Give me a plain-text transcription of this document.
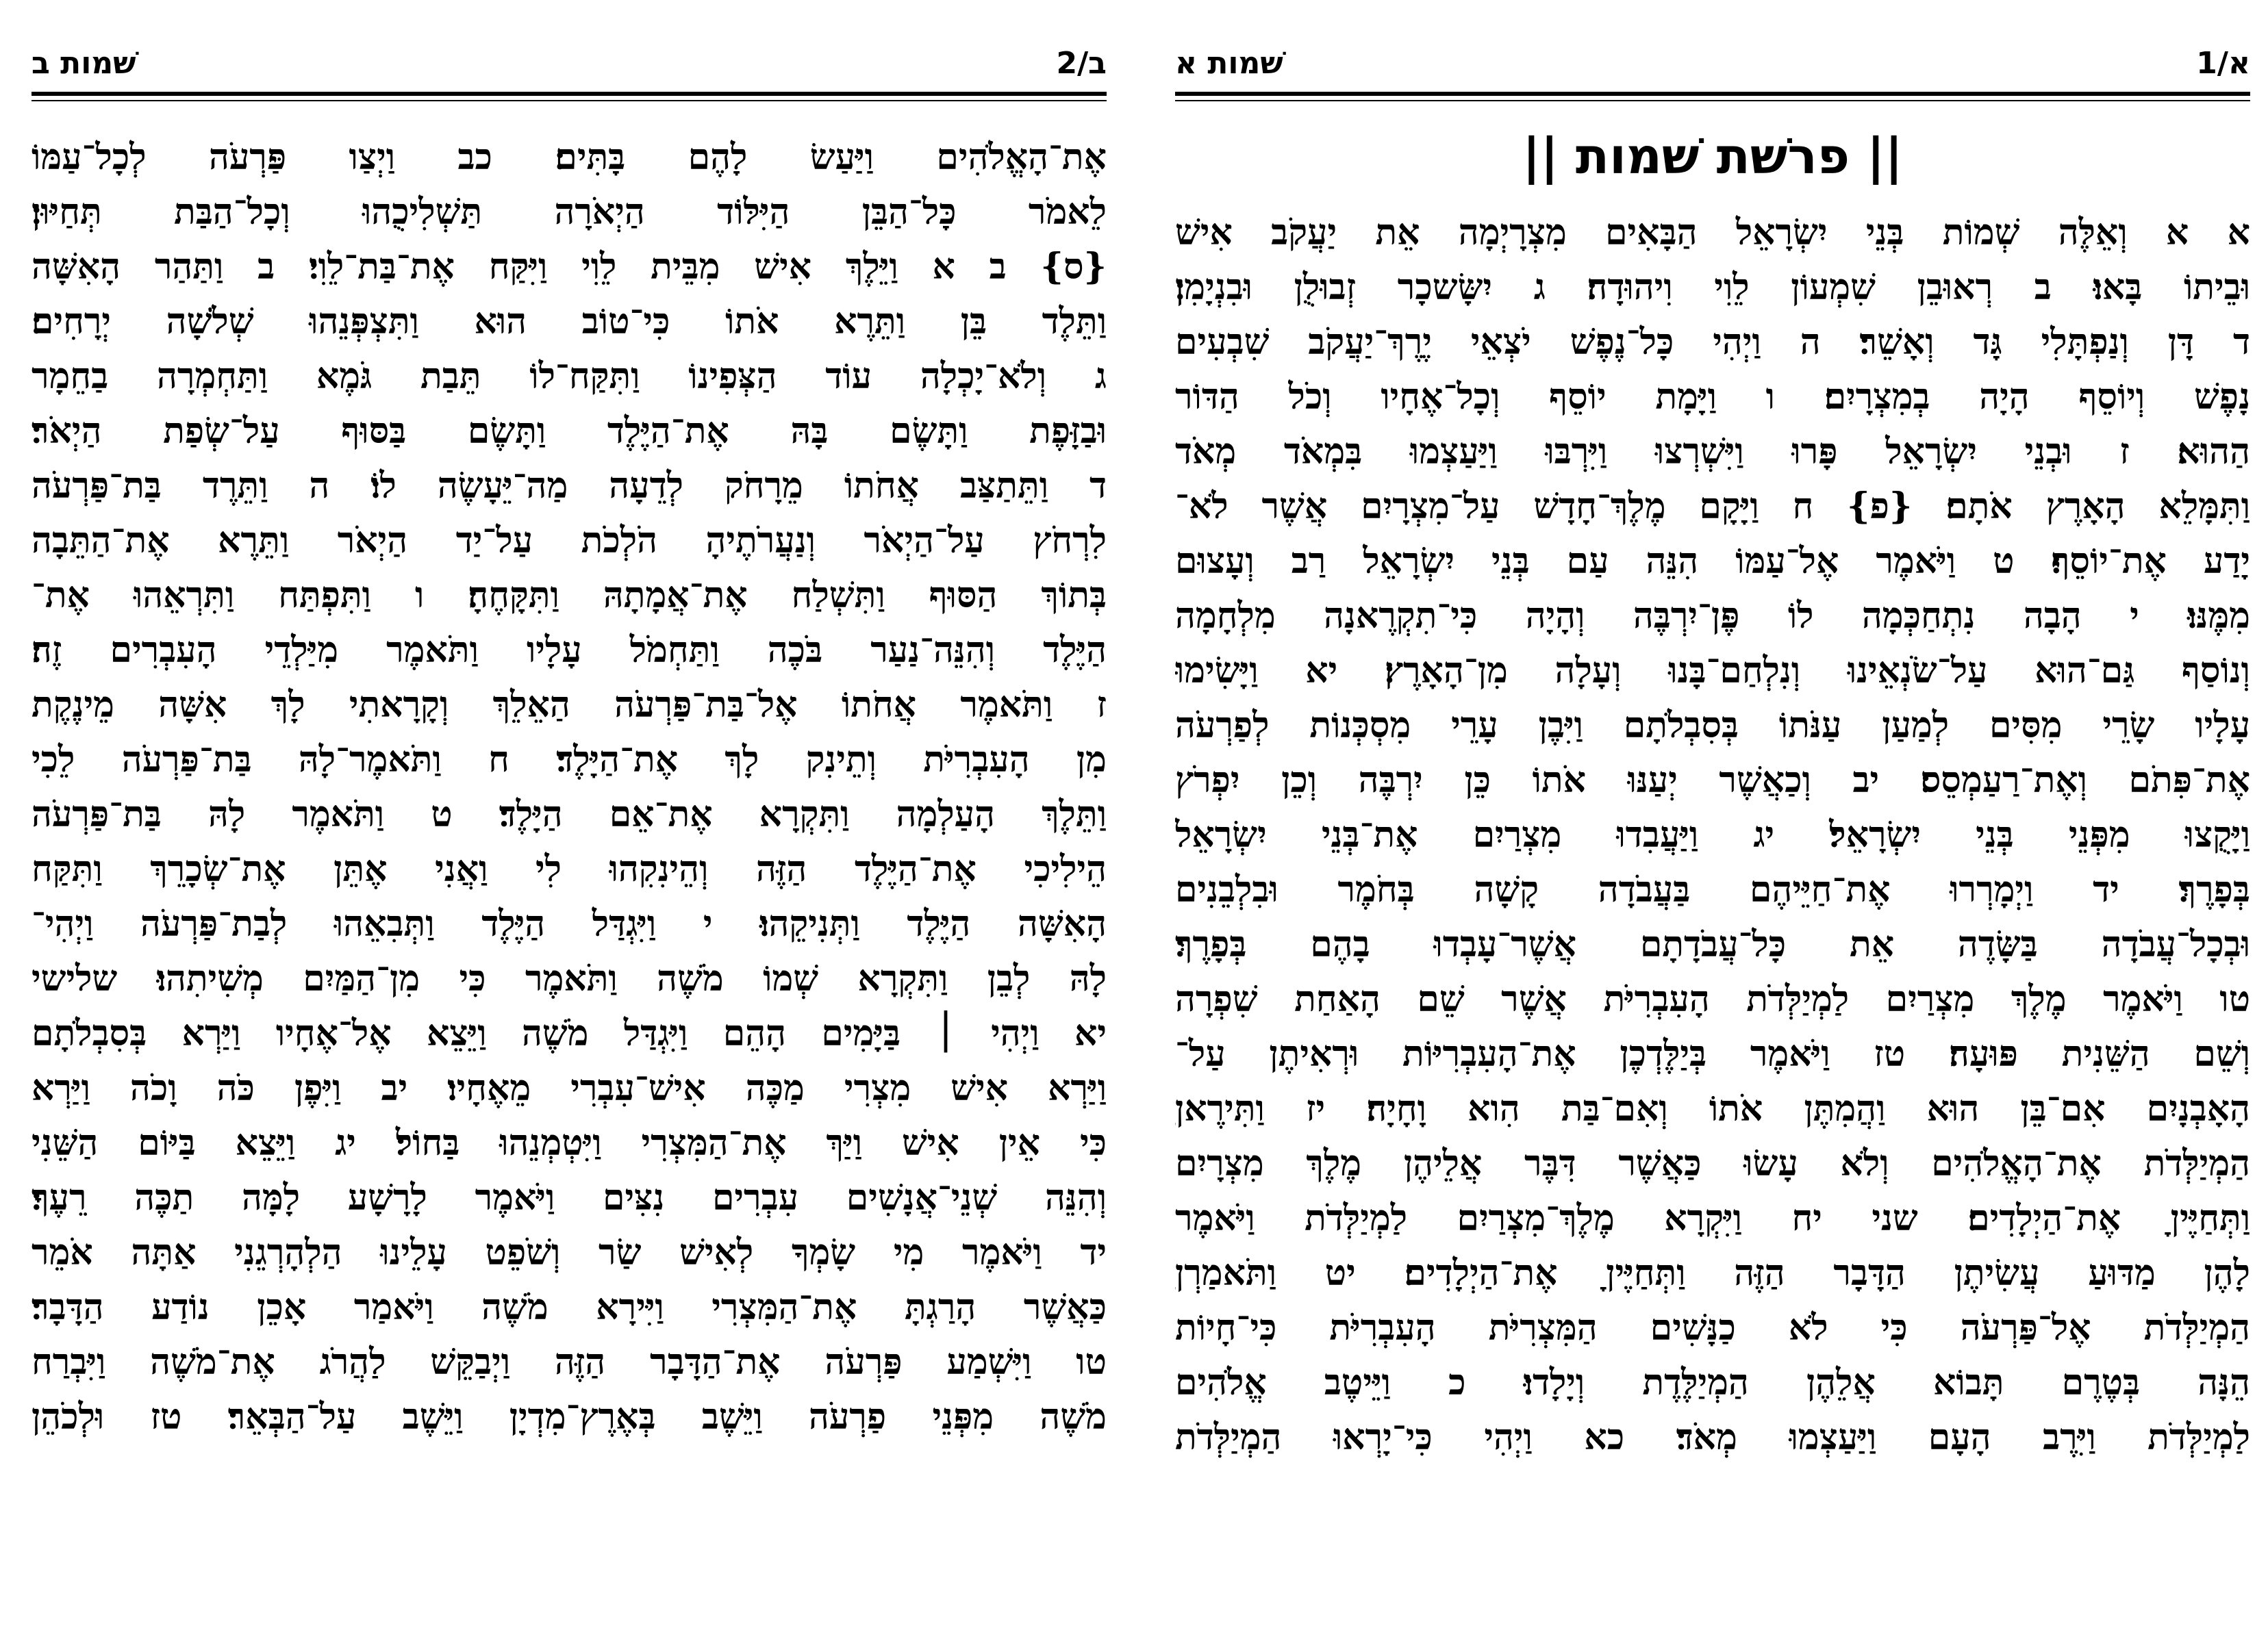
ב/2
שׁמות ב
אֶת־הָאֱלֹהִים וַיַּעַשׂ לָהֶם בָּתִּים׃ כב וַיְצַו פַּרְעֹה לְכָל־עַמּוֹ
לֵאמֹר כָּל־הַבֵּן הַיִּלּוֹד הַיְאֹרָה תַּשְׁלִיכֻהוּ וְכָל־הַבַּת תְּחַיּוּן׃
{ס} ב א וַיֵּלֶךְ אִישׁ מִבֵּית לֵוִי וַיִּקַּח אֶת־בַּת־לֵוִי׃ ב וַתַּהַר הָאִשָּׁה
וַתֵּלֶד בֵּן וַתֵּרֶא אֹתוֹ כִּי־טוֹב הוּא וַתִּצְפְּנֵהוּ שְׁלֹשָׁה יְרָחִים׃
ג וְלֹא־יָכְלָה עוֹד הַצְּפִינוֹ וַתִּקַּח־לוֹ תֵּבַת גֹּמֶא וַתַּחְמְרָה בַחֵמָר
וּבַזָּפֶת וַתָּשֶׂם בָּהּ אֶת־הַיֶּלֶד וַתָּשֶׂם בַּסּוּף עַל־שְׂפַת הַיְאֹר׃
ד וַתֵּתַצַּב אֲחֹתוֹ מֵרָחֹק לְדֵעָה מַה־יֵּעָשֶׂה לוֹ׃ ה וַתֵּרֶד בַּת־פַּרְעֹה
לִרְחֹץ עַל־הַיְאֹר וְנַעֲרֹתֶיהָ הֹלְכֹת עַל־יַד הַיְאֹר וַתֵּרֶא אֶת־הַתֵּבָה
בְּתוֹךְ הַסּוּף וַתִּשְׁלַח אֶת־אֲמָתָהּ וַתִּקָּחֶהָ׃ ו וַתִּפְתַּח וַתִּרְאֵהוּ אֶת־
הַיֶּלֶד וְהִנֵּה־נַעַר בֹּכֶה וַתַּחְמֹל עָלָיו וַתֹּאמֶר מִיַּלְדֵי הָעִבְרִים זֶה׃
ז וַתֹּאמֶר אֲחֹתוֹ אֶל־בַּת־פַּרְעֹה הַאֵלֵךְ וְקָרָאתִי לָךְ אִשָּׁה מֵינֶקֶת
מִן הָעִבְרִיֹּת וְתֵינִק לָךְ אֶת־הַיָּלֶד׃ ח וַתֹּאמֶר־לָהּ בַּת־פַּרְעֹה לֵכִי
וַתֵּלֶךְ הָעַלְמָה וַתִּקְרָא אֶת־אֵם הַיָּלֶד׃ ט וַתֹּאמֶר לָהּ בַּת־פַּרְעֹה
הֵילִיכִי אֶת־הַיֶּלֶד הַזֶּה וְהֵינִקִהוּ לִי וַאֲנִי אֶתֵּן אֶת־שְׂכָרֵךְ וַתִּקַּח
הָאִשָּׁה הַיֶּלֶד וַתְּנִיקֵהוּ׃ י וַיִּגְדַּל הַיֶּלֶד וַתְּבִאֵהוּ לְבַת־פַּרְעֹה וַיְהִי־
לָהּ לְבֵן וַתִּקְרָא שְׁמוֹ מֹשֶׁה וַתֹּאמֶר כִּי מִן־הַמַּיִם מְשִׁיתִהוּ׃ שלישי
יא וַיְהִי ׀ בַּיָּמִים הָהֵם וַיִּגְדַּל מֹשֶׁה וַיֵּצֵא אֶל־אֶחָיו וַיַּרְא בְּסִבְלֹתָם
וַיַּרְא אִישׁ מִצְרִי מַכֶּה אִישׁ־עִבְרִי מֵאֶחָיו׃ יב וַיִּפֶן כֹּה וָכֹה וַיַּרְא
כִּי אֵין אִישׁ וַיַּךְ אֶת־הַמִּצְרִי וַיִּטְמְנֵהוּ בַּחוֹל׃ יג וַיֵּצֵא בַּיּוֹם הַשֵּׁנִי
וְהִנֵּה שְׁנֵי־אֲנָשִׁים עִבְרִים נִצִּים וַיֹּאמֶר לָרָשָׁע לָמָּה תַכֶּה רֵעֶךָ׃
יד וַיֹּאמֶר מִי שָׂמְךָ לְאִישׁ שַׂר וְשֹׁפֵט עָלֵינוּ הַלְהָרְגֵנִי אַתָּה אֹמֵר
כַּאֲשֶׁר הָרַגְתָּ אֶת־הַמִּצְרִי וַיִּירָא מֹשֶׁה וַיֹּאמַר אָכֵן נוֹדַע הַדָּבָר׃
טו וַיִּשְׁמַע פַּרְעֹה אֶת־הַדָּבָר הַזֶּה וַיְבַקֵּשׁ לַהֲרֹג אֶת־מֹשֶׁה וַיִּבְרַח
מֹשֶׁה מִפְּנֵי פַרְעֹה וַיֵּשֶׁב בְּאֶרֶץ־מִדְיָן וַיֵּשֶׁב עַל־הַבְּאֵר׃ טז וּלְכֹהֵן
א/1
שׁמות א
|| פרשׁת שׁמות ||
א א וְאֵלֶּה שְׁמוֹת בְּנֵי יִשְׂרָאֵל הַבָּאִים מִצְרָיְמָה אֵת יַעֲקֹב אִישׁ
וּבֵיתוֹ בָּאוּ׃ ב רְאוּבֵן שִׁמְעוֹן לֵוִי וִיהוּדָה׃ ג יִשָּׂשכָר זְבוּלֻן וּבִנְיָמִן׃
ד דָּן וְנַפְתָּלִי גָּד וְאָשֵׁר׃ ה וַיְהִי כָּל־נֶפֶשׁ יֹצְאֵי יֶרֶךְ־יַעֲקֹב שִׁבְעִים
נָפֶשׁ וְיוֹסֵף הָיָה בְמִצְרָיִם׃ ו וַיָּמָת יוֹסֵף וְכָל־אֶחָיו וְכֹל הַדּוֹר
הַהוּא׃ ז וּבְנֵי יִשְׂרָאֵל פָּרוּ וַיִּשְׁרְצוּ וַיִּרְבּוּ וַיַּעַצְמוּ בִּמְאֹד מְאֹד
וַתִּמָּלֵא הָאָרֶץ אֹתָם׃ {פ} ח וַיָּקָם מֶלֶךְ־חָדָשׁ עַל־מִצְרָיִם אֲשֶׁר לֹא־
יָדַע אֶת־יוֹסֵף׃ ט וַיֹּאמֶר אֶל־עַמּוֹ הִנֵּה עַם בְּנֵי יִשְׂרָאֵל רַב וְעָצוּם
מִמֶּנּוּ׃ י הָבָה נִתְחַכְּמָה לוֹ פֶּן־יִרְבֶּה וְהָיָה כִּי־תִקְרֶאנָה מִלְחָמָה
וְנוֹסַף גַּם־הוּא עַל־שֹׂנְאֵינוּ וְנִלְחַם־בָּנוּ וְעָלָה מִן־הָאָרֶץ׃ יא וַיָּשִׂימוּ
עָלָיו שָׂרֵי מִסִּים לְמַעַן עַנֹּתוֹ בְּסִבְלֹתָם וַיִּבֶן עָרֵי מִסְכְּנוֹת לְפַרְעֹה
אֶת־פִּתֹם וְאֶת־רַעַמְסֵס׃ יב וְכַאֲשֶׁר יְעַנּוּ אֹתוֹ כֵּן יִרְבֶּה וְכֵן יִפְרֹץ
וַיָּקֻצוּ מִפְּנֵי בְּנֵי יִשְׂרָאֵל׃ יג וַיַּעֲבִדוּ מִצְרַיִם אֶת־בְּנֵי יִשְׂרָאֵל
בְּפָרֶךְ׃ יד וַיְמָרְרוּ אֶת־חַיֵּיהֶם בַּעֲבֹדָה קָשָׁה בְּחֹמֶר וּבִלְבֵנִים
וּבְכָל־עֲבֹדָה בַּשָּׂדֶה אֵת כָּל־עֲבֹדָתָם אֲשֶׁר־עָבְדוּ בָהֶם בְּפָרֶךְ׃
טו וַיֹּאמֶר מֶלֶךְ מִצְרַיִם לַמְיַלְּדֹת הָעִבְרִיֹּת אֲשֶׁר שֵׁם הָאַחַת שִׁפְרָה
וְשֵׁם הַשֵּׁנִית פּוּעָה׃ טז וַיֹּאמֶר בְּיַלֶּדְכֶן אֶת־הָעִבְרִיּוֹת וּרְאִיתֶן עַל־
הָאָבְנָיִם אִם־בֵּן הוּא וַהֲמִתֶּן אֹתוֹ וְאִם־בַּת הִוא וָחָיָה׃ יז וַתִּירֶאןָ
הַמְיַלְּדֹת אֶת־הָאֱלֹהִים וְלֹא עָשׂוּ כַּאֲשֶׁר דִּבֶּר אֲלֵיהֶן מֶלֶךְ מִצְרָיִם
וַתְּחַיֶּיןָ אֶת־הַיְלָדִים׃ שני יח וַיִּקְרָא מֶלֶךְ־מִצְרַיִם לַמְיַלְּדֹת וַיֹּאמֶר
לָהֶן מַדּוּעַ עֲשִׂיתֶן הַדָּבָר הַזֶּה וַתְּחַיֶּיןָ אֶת־הַיְלָדִים׃ יט וַתֹּאמַרְןָ
הַמְיַלְּדֹת אֶל־פַּרְעֹה כִּי לֹא כַנָּשִׁים הַמִּצְרִיֹּת הָעִבְרִיֹּת כִּי־חָיוֹת
הֵנָּה בְּטֶרֶם תָּבוֹא אֲלֵהֶן הַמְיַלֶּדֶת וְיָלָדוּ׃ כ וַיֵּיטֶב אֱלֹהִים
לַמְיַלְּדֹת וַיִּרֶב הָעָם וַיַּעַצְמוּ מְאֹד׃ כא וַיְהִי כִּי־יָרְאוּ הַמְיַלְּדֹת
